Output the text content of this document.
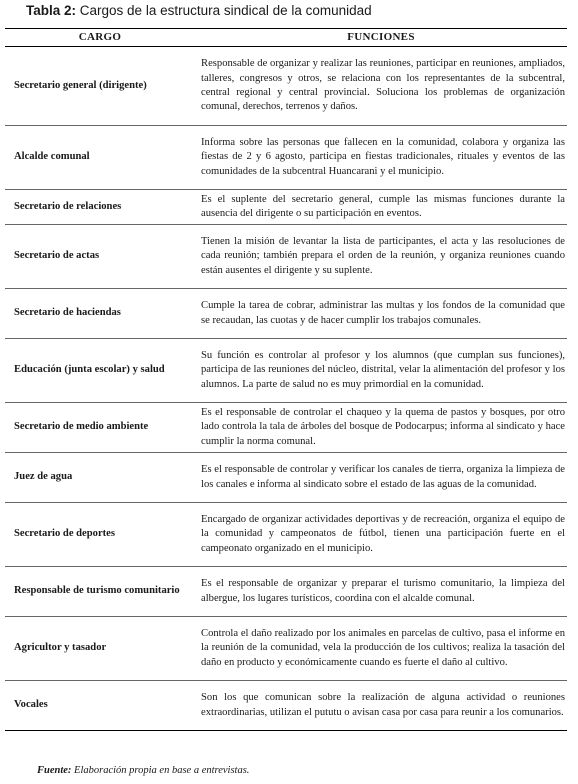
Tabla 2: Cargos de la estructura sindical de la comunidad
CARGO	FUNCIONES
Secretario general (dirigente)	Responsable de organizar y realizar las reuniones, participar en reuniones, ampliados, talleres, congresos y otros, se relaciona con los representantes de la subcentral, central regional y central provincial. Soluciona los problemas de organización comunal, derechos, terrenos y daños.
Alcalde comunal	Informa sobre las personas que fallecen en la comunidad, colabora y organiza las fiestas de 2 y 6 agosto, participa en fiestas tradicionales, rituales y eventos de las comunidades de la subcentral Huancarani y el municipio.
Secretario de relaciones	Es el suplente del secretario general, cumple las mismas funciones durante la ausencia del dirigente o su participación en eventos.
Secretario de actas	Tienen la misión de levantar la lista de participantes, el acta y las resoluciones de cada reunión; también prepara el orden de la reunión, y organiza reuniones cuando están ausentes el dirigente y su suplente.
Secretario de haciendas	Cumple la tarea de cobrar, administrar las multas y los fondos de la comunidad que se recaudan, las cuotas y de hacer cumplir los trabajos comunales.
Educación (junta escolar) y salud	Su función es controlar al profesor y los alumnos (que cumplan sus funciones), participa de las reuniones del núcleo, distrital, velar la alimentación del profesor y los alumnos. La parte de salud no es muy primordial en la comunidad.
Secretario de medio ambiente	Es el responsable de controlar el chaqueo y la quema de pastos y bosques, por otro lado controla la tala de árboles del bosque de Podocarpus; informa al sindicato y hace cumplir la norma comunal.
Juez de agua	Es el responsable de controlar y verificar los canales de tierra, organiza la limpieza de los canales e informa al sindicato sobre el estado de las aguas de la comunidad.
Secretario de deportes	Encargado de organizar actividades deportivas y de recreación, organiza el equipo de la comunidad y campeonatos de fútbol, tienen una participación fuerte en el campeonato organizado en el municipio.
Responsable de turismo comunitario	Es el responsable de organizar y preparar el turismo comunitario, la limpieza del albergue, los lugares turísticos, coordina con el alcalde comunal.
Agricultor y tasador	Controla el daño realizado por los animales en parcelas de cultivo, pasa el informe en la reunión de la comunidad, vela la producción de los cultivos; realiza la tasación del daño en producto y económicamente cuando es fuerte el daño al cultivo.
Vocales	Son los que comunican sobre la realización de alguna actividad o reuniones extraordinarias, utilizan el pututu o avisan casa por casa para reunir a los comunarios.
Fuente: Elaboración propia en base a entrevistas.
